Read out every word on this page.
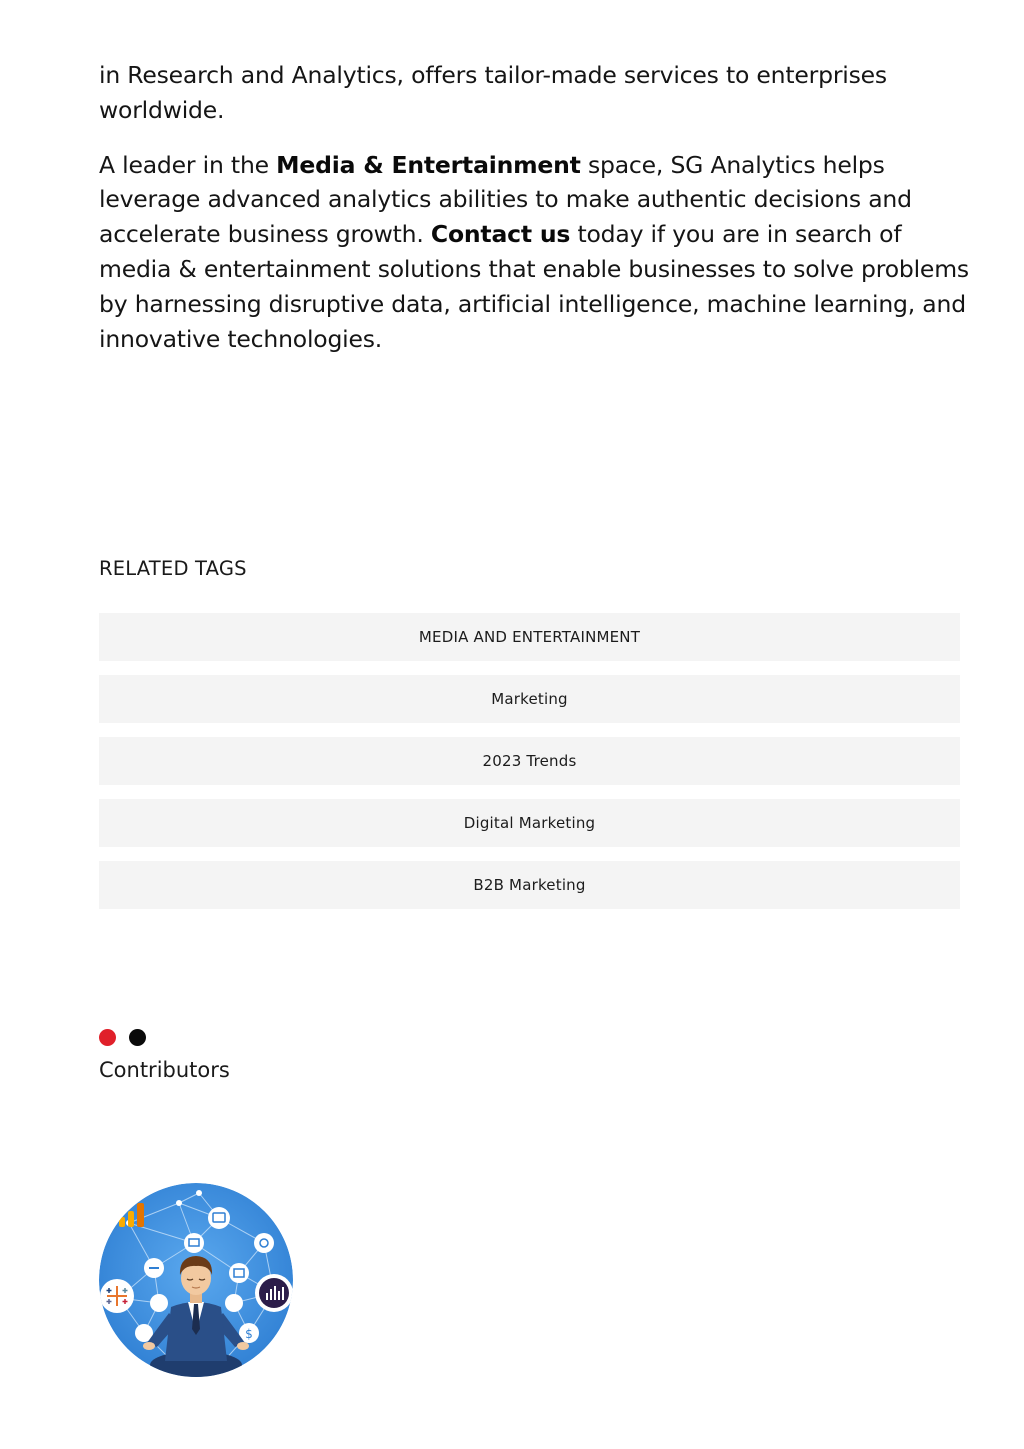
in Research and Analytics, offers tailor-made services to enterprises worldwide.

A leader in the Media & Entertainment space, SG Analytics helps leverage advanced analytics abilities to make authentic decisions and accelerate business growth. Contact us today if you are in search of media & entertainment solutions that enable businesses to solve problems by harnessing disruptive data, artificial intelligence, machine learning, and innovative technologies.

RELATED TAGS
MEDIA AND ENTERTAINMENT
Marketing
2023 Trends
Digital Marketing
B2B Marketing
Contributors
$
